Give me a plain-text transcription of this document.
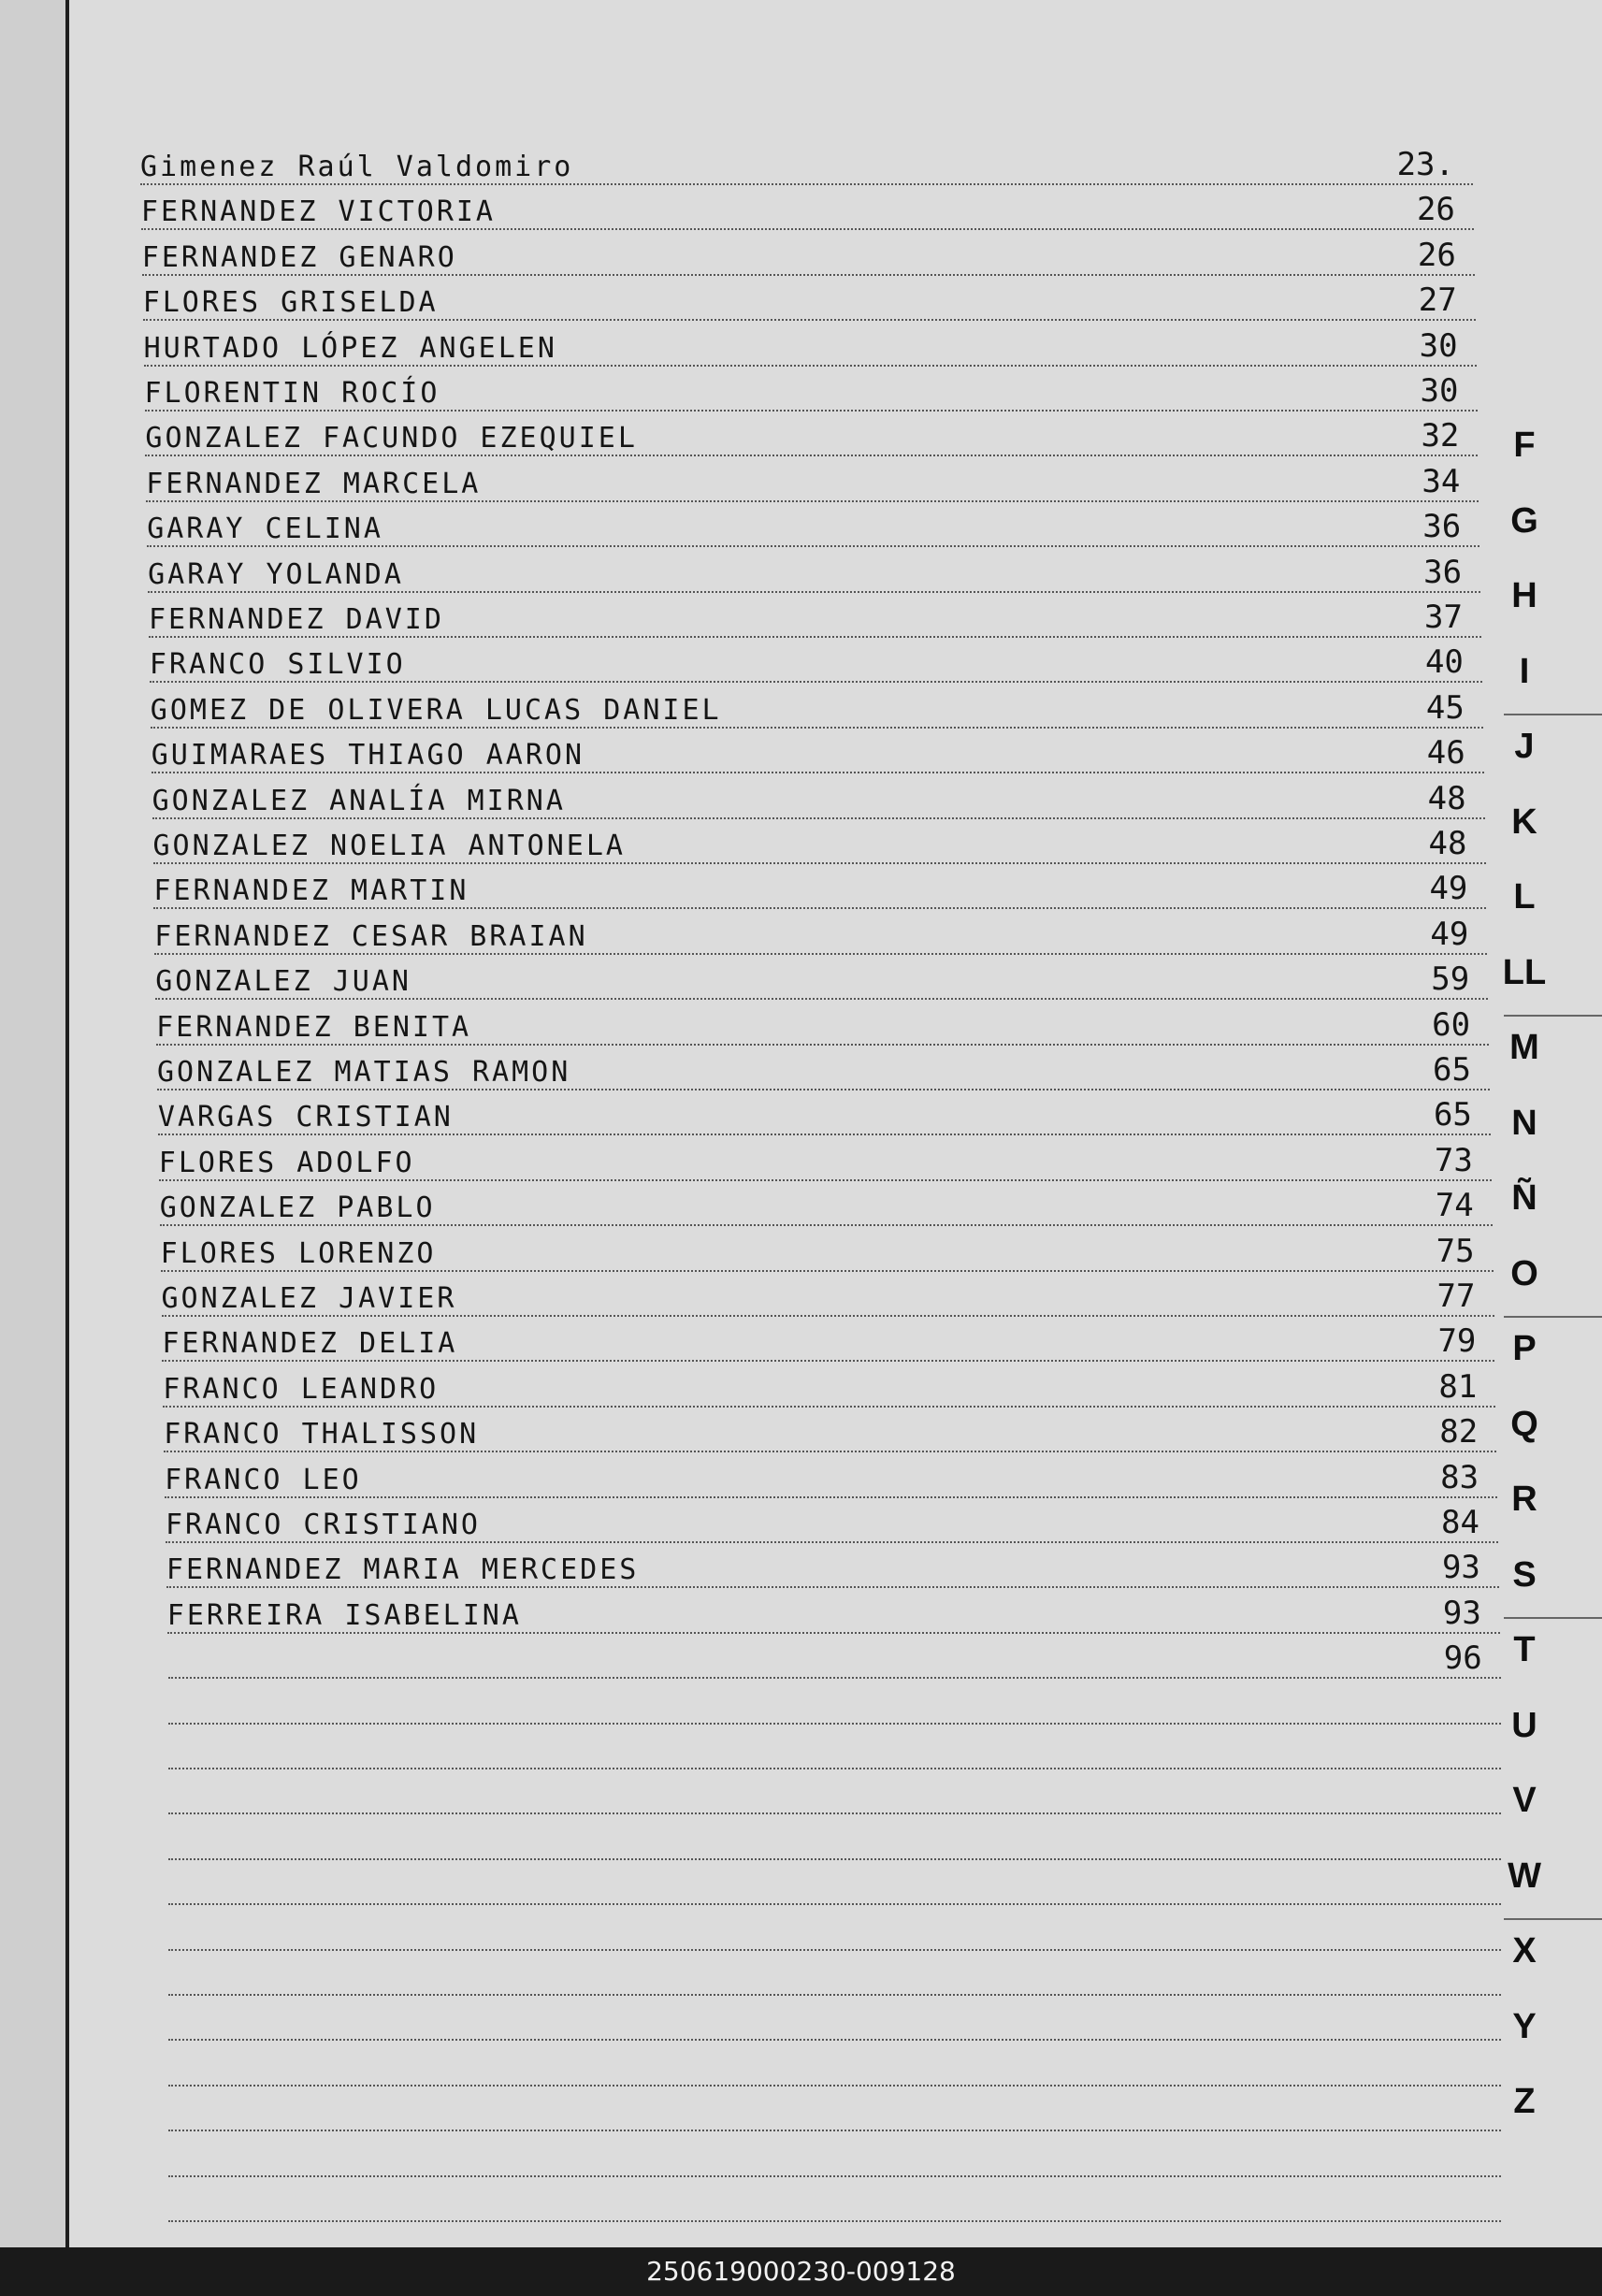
Gimenez Raúl Valdomiro	23.
FERNANDEZ VICTORIA	26
FERNANDEZ GENARO	26
FLORES GRISELDA	27
HURTADO LÓPEZ ANGELEN	30
FLORENTIN ROCÍO	30
GONZALEZ FACUNDO EZEQUIEL	32
FERNANDEZ MARCELA	34
GARAY CELINA	36
GARAY YOLANDA	36
FERNANDEZ DAVID	37
FRANCO SILVIO	40
GOMEZ DE OLIVERA LUCAS DANIEL	45
GUIMARAES THIAGO AARON	46
GONZALEZ ANALÍA MIRNA	48
GONZALEZ NOELIA ANTONELA	48
FERNANDEZ MARTIN	49
FERNANDEZ CESAR BRAIAN	49
GONZALEZ JUAN	59
FERNANDEZ BENITA	60
GONZALEZ MATIAS RAMON	65
VARGAS CRISTIAN	65
FLORES ADOLFO	73
GONZALEZ PABLO	74
FLORES LORENZO	75
GONZALEZ JAVIER	77
FERNANDEZ DELIA	79
FRANCO LEANDRO	81
FRANCO THALISSON	82
FRANCO LEO	83
FRANCO CRISTIANO	84
FERNANDEZ MARIA MERCEDES	93
FERREIRA ISABELINA	93
96
F
G
H
I
J
K
L
LL
M
N
Ñ
O
P
Q
R
S
T
U
V
W
X
Y
Z
250619000230-009128
